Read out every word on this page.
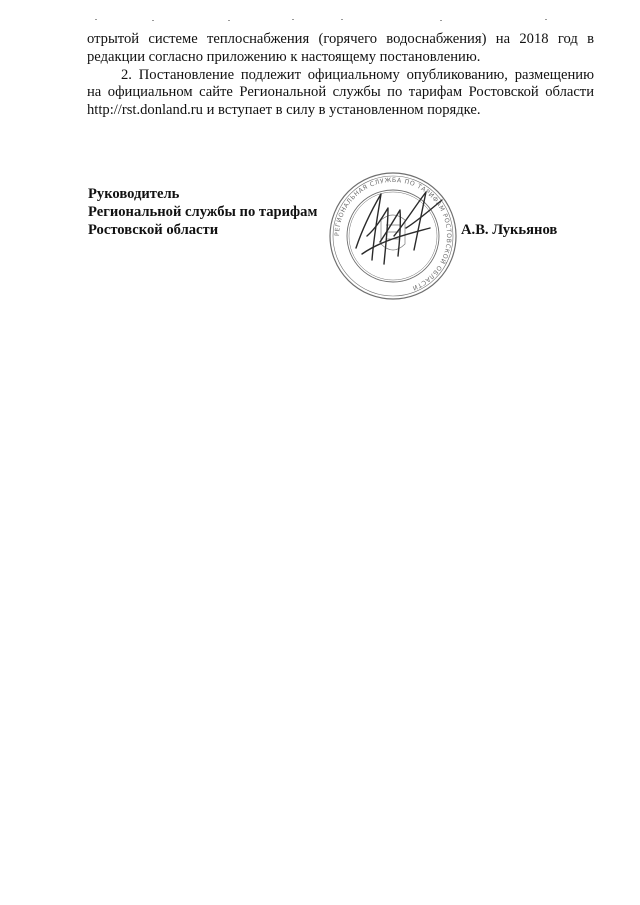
отрытой системе теплоснабжения (горячего водоснабжения) на 2018 год в редакции согласно приложению к настоящему постановлению.

2. Постановление подлежит официальному опубликованию, размещению на официальном сайте Региональной службы по тарифам Ростовской области http://rst.donland.ru и вступает в силу в установленном порядке.

Руководитель
Региональной службы по тарифам
Ростовской области	РЕГИОНАЛЬНАЯ СЛУЖБА ПО ТАРИФАМ РОСТОВСКОЙ ОБЛАСТИ
А.В. Лукьянов
